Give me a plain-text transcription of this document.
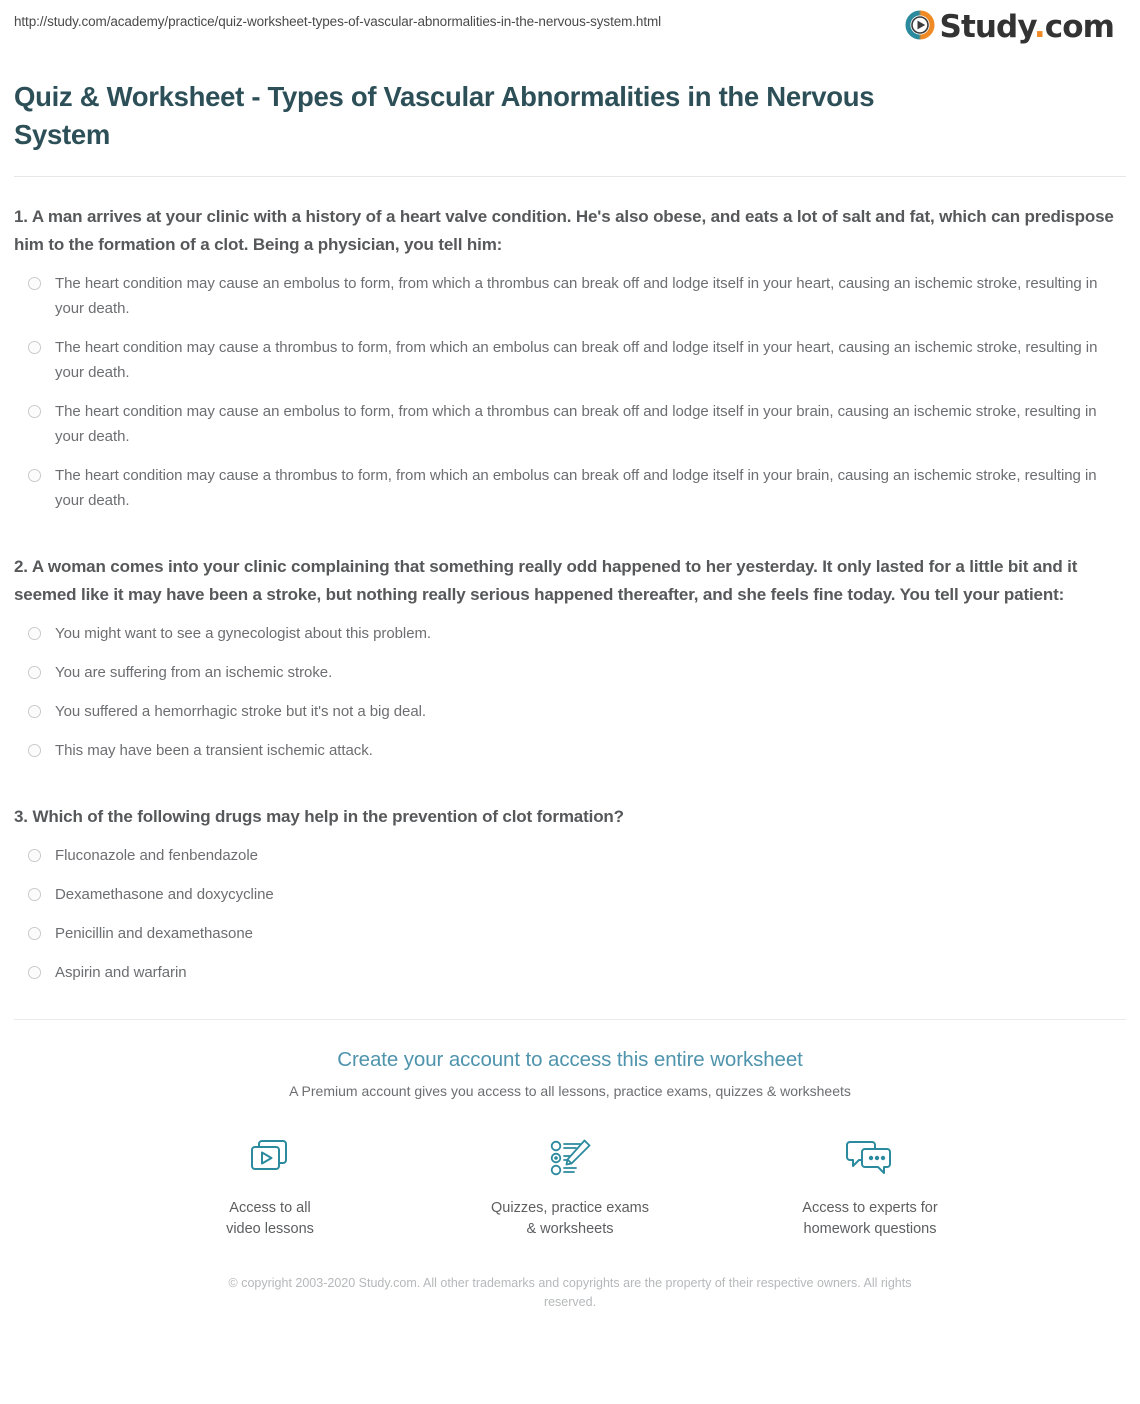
http://study.com/academy/practice/quiz-worksheet-types-of-vascular-abnormalities-in-the-nervous-system.html	Study.com
Quiz & Worksheet - Types of Vascular Abnormalities in the Nervous System

1. A man arrives at your clinic with a history of a heart valve condition. He's also obese, and eats a lot of salt and fat, which can predispose him to the formation of a clot. Being a physician, you tell him:

The heart condition may cause an embolus to form, from which a thrombus can break off and lodge itself in your heart, causing an ischemic stroke, resulting in your death.
The heart condition may cause a thrombus to form, from which an embolus can break off and lodge itself in your heart, causing an ischemic stroke, resulting in your death.
The heart condition may cause an embolus to form, from which a thrombus can break off and lodge itself in your brain, causing an ischemic stroke, resulting in your death.
The heart condition may cause a thrombus to form, from which an embolus can break off and lodge itself in your brain, causing an ischemic stroke, resulting in your death.

2. A woman comes into your clinic complaining that something really odd happened to her yesterday. It only lasted for a little bit and it seemed like it may have been a stroke, but nothing really serious happened thereafter, and she feels fine today. You tell your patient:

You might want to see a gynecologist about this problem.
You are suffering from an ischemic stroke.
You suffered a hemorrhagic stroke but it's not a big deal.
This may have been a transient ischemic attack.

3. Which of the following drugs may help in the prevention of clot formation?

Fluconazole and fenbendazole
Dexamethasone and doxycycline
Penicillin and dexamethasone
Aspirin and warfarin
Create your account to access this entire worksheet
A Premium account gives you access to all lessons, practice exams, quizzes & worksheets
Access to all
video lessons
Quizzes, practice exams
& worksheets
Access to experts for
homework questions
© copyright 2003-2020 Study.com. All other trademarks and copyrights are the property of their respective owners. All rights reserved.
